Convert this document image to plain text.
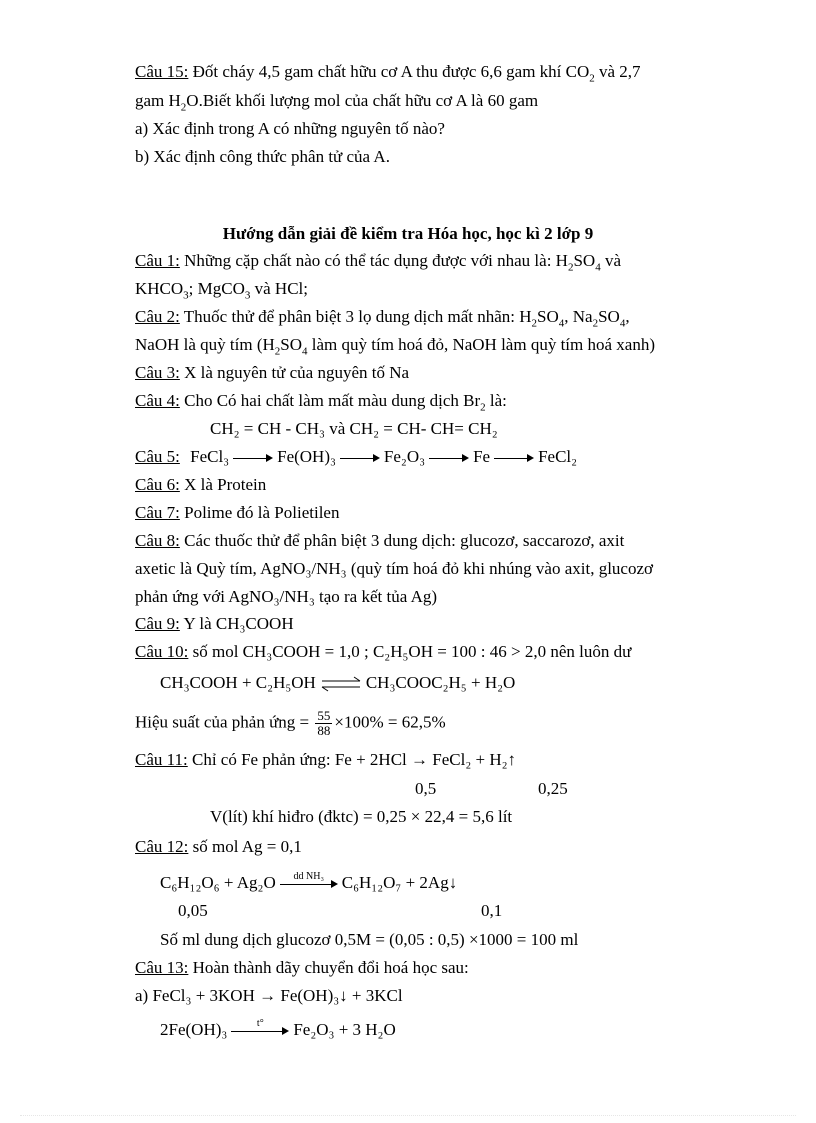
Câu 15: Đốt cháy 4,5 gam chất hữu cơ A thu được 6,6 gam khí $CO_2$ và 2,7
gam $H_2O.Biết$ khối lượng mol của chất hữu cơ A là 60 gam
a) Xác định trong A có những nguyên tố nào?
b) Xác định công thức phân tử của A.
Hướng dẫn giải đề kiểm tra Hóa học, học kì 2 lớp 9
Câu 1: Những cặp chất nào có thể tác dụng được với nhau là: $H_2SO_4$ và
$KHCO_3$; MgCO$_3$ và HCl;
Câu 2: Thuốc thử để phân biệt 3 lọ dung dịch mất nhãn: $H_2SO_4$, $Na_2SO_4$,
NaOH là quỳ tím ($H_2SO_4$ làm quỳ tím hoá đỏ, NaOH làm quỳ tím hoá xanh)
Câu 3: X là nguyên tử của nguyên tố Na
Câu 4: Cho Có hai chất làm mất màu dung dịch $Br_2$ là:
CH₂ = CH - CH₃ và CH₂ = CH- CH= CH₂
Câu 5: FeCl₃	Fe(OH)₃	Fe₂O₃	Fe	FeCl₂
Câu 6: X là Protein
Câu 7: Polime đó là Polietilen
Câu 8: Các thuốc thử để phân biệt 3 dung dịch: glucozơ, saccarozơ, axit
axetic là Quỳ tím, AgNO₃/NH₃ (quỳ tím hoá đỏ khi nhúng vào axit, glucozơ
phản ứng với AgNO₃/NH₃ tạo ra kết tủa Ag)
Câu 9: Y là CH₃COOH
Câu 10: số mol CH₃COOH = 1,0 ; C₂H₅OH = 100 : 46 > 2,0 nên luôn dư
CH₃COOH + C₂H₅OH ⇌ CH₃COOC₂H₅ + H₂O
Hiệu suất của phản ứng = $\frac{55}{88} \times 100\% = 62,5\%$
Câu 11: Chỉ có Fe phản ứng: Fe + 2HCl → FeCl₂ + H₂↑
0,5	0,25
V(lít) khí hiđro (đktc) = 0,25 × 22,4 = 5,6 lít
Câu 12: số mol Ag = 0,1
C₆H₁₂O₆ + Ag₂O	dd NH₃	C₆H₁₂O₇ + 2Ag↓
0,05	0,1
Số ml dung dịch glucozơ 0,5M = (0,05 : 0,5) ×1000 = 100 ml
Câu 13: Hoàn thành dãy chuyển đổi hoá học sau:
a) FeCl₃ + 3KOH → Fe(OH)₃↓ + 3KCl
2Fe(OH)₃	t°	Fe₂O₃ + 3 H₂O
